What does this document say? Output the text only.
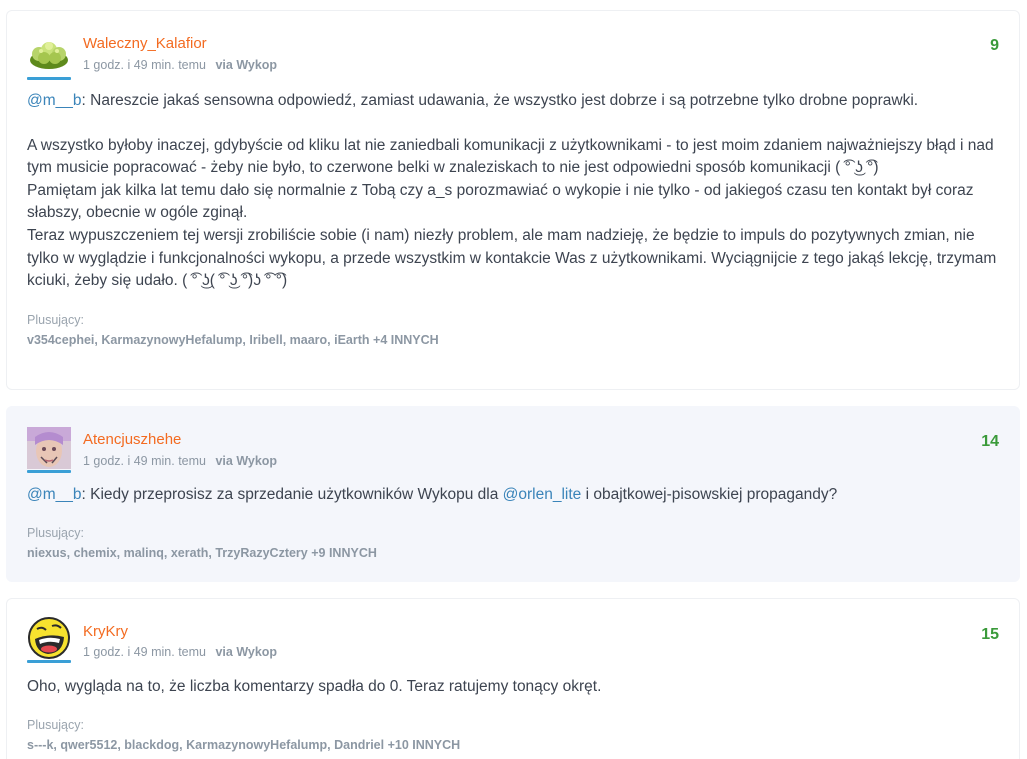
Waleczny_Kalafior
1 godz. i 49 min. temu via Wykop
9

@m__b: Nareszcie jakaś sensowna odpowiedź, zamiast udawania, że wszystko jest dobrze i są potrzebne tylko drobne poprawki.

A wszystko byłoby inaczej, gdybyście od kliku lat nie zaniedbali komunikacji z użytkownikami - to jest moim zdaniem najważniejszy błąd i nad tym musicie popracować - żeby nie było, to czerwone belki w znaleziskach to nie jest odpowiedni sposób komunikacji ( ͡° ͜ʖ ͡°)

Pamiętam jak kilka lat temu dało się normalnie z Tobą czy a_s porozmawiać o wykopie i nie tylko - od jakiegoś czasu ten kontakt był coraz słabszy, obecnie w ogóle zginął.

Teraz wypuszczeniem tej wersji zrobiliście sobie (i nam) niezły problem, ale mam nadzieję, że będzie to impuls do pozytywnych zmian, nie tylko w wyglądzie i funkcjonalności wykopu, a przede wszystkim w kontakcie Was z użytkownikami. Wyciągnijcie z tego jakąś lekcję, trzymam kciuki, żeby się udało. ( ͡° ͜ʖ( ͡° ͜ʖ ͡°)ʖ ͡° ͡°)

Plusujący:
v354cephei, KarmazynowyHefalump, Iribell, maaro, iEarth +4 INNYCH
Atencjuszhehe
1 godz. i 49 min. temu via Wykop
14

@m__b: Kiedy przeprosisz za sprzedanie użytkowników Wykopu dla @orlen_lite i obajtkowej-pisowskiej propagandy?

Plusujący:
niexus, chemix, malinq, xerath, TrzyRazyCztery +9 INNYCH
KryKry
1 godz. i 49 min. temu via Wykop
15

Oho, wygląda na to, że liczba komentarzy spadła do 0. Teraz ratujemy tonący okręt.

Plusujący:
s---k, qwer5512, blackdog, KarmazynowyHefalump, Dandriel +10 INNYCH
